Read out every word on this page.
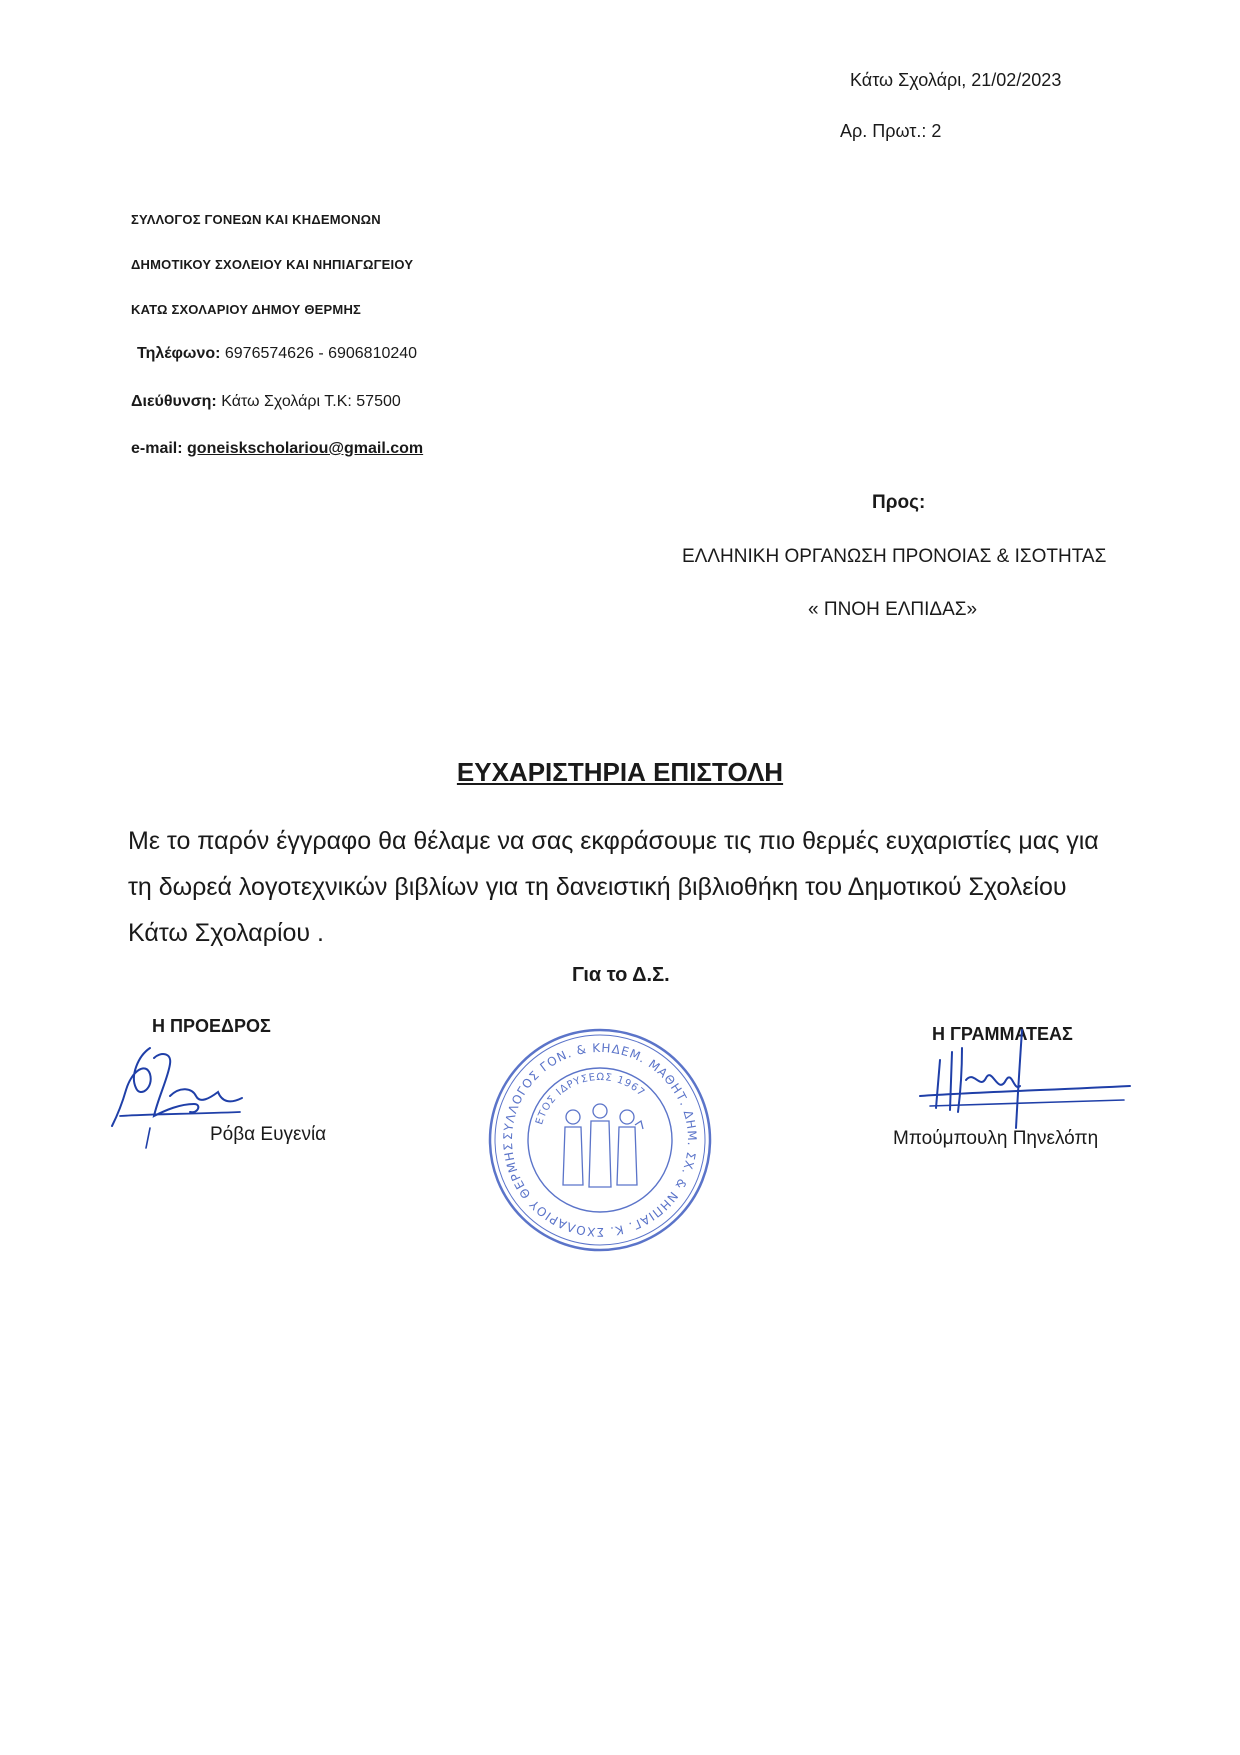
Κάτω Σχολάρι, 21/02/2023
Αρ. Πρωτ.: 2
ΣΥΛΛΟΓΟΣ ΓΟΝΕΩΝ ΚΑΙ ΚΗΔΕΜΟΝΩΝ
ΔΗΜΟΤΙΚΟΥ ΣΧΟΛΕΙΟΥ ΚΑΙ ΝΗΠΙΑΓΩΓΕΙΟΥ
ΚΑΤΩ ΣΧΟΛΑΡΙΟΥ ΔΗΜΟΥ ΘΕΡΜΗΣ
Τηλέφωνο: 6976574626 - 6906810240
Διεύθυνση: Κάτω Σχολάρι Τ.Κ: 57500
e-mail: goneiskscholariou@gmail.com
Προς:
ΕΛΛΗΝΙΚΗ ΟΡΓΑΝΩΣΗ ΠΡΟΝΟΙΑΣ & ΙΣΟΤΗΤΑΣ
« ΠΝΟΗ ΕΛΠΙΔΑΣ»
ΕΥΧΑΡΙΣΤΗΡΙΑ ΕΠΙΣΤΟΛΗ
Με το παρόν έγγραφο θα θέλαμε να σας εκφράσουμε τις πιο θερμές ευχαριστίες μας για τη δωρεά λογοτεχνικών βιβλίων για τη δανειστική βιβλιοθήκη του Δημοτικού Σχολείου Κάτω Σχολαρίου .
Για το Δ.Σ.
Η ΠΡΟΕΔΡΟΣ
Ρόβα Ευγενία
Η ΓΡΑΜΜΑΤΕΑΣ
Μπούμπουλη Πηνελόπη
ΣΥΛΛΟΓΟΣ ΓΟΝ. & ΚΗΔΕΜ. ΜΑΘΗΤ. ΔΗΜ. ΣΧ. & ΝΗΠΙΑΓ. Κ. ΣΧΟΛΑΡΙΟΥ ΘΕΡΜΗΣ
ΕΤΟΣ ΙΔΡΥΣΕΩΣ 1967
